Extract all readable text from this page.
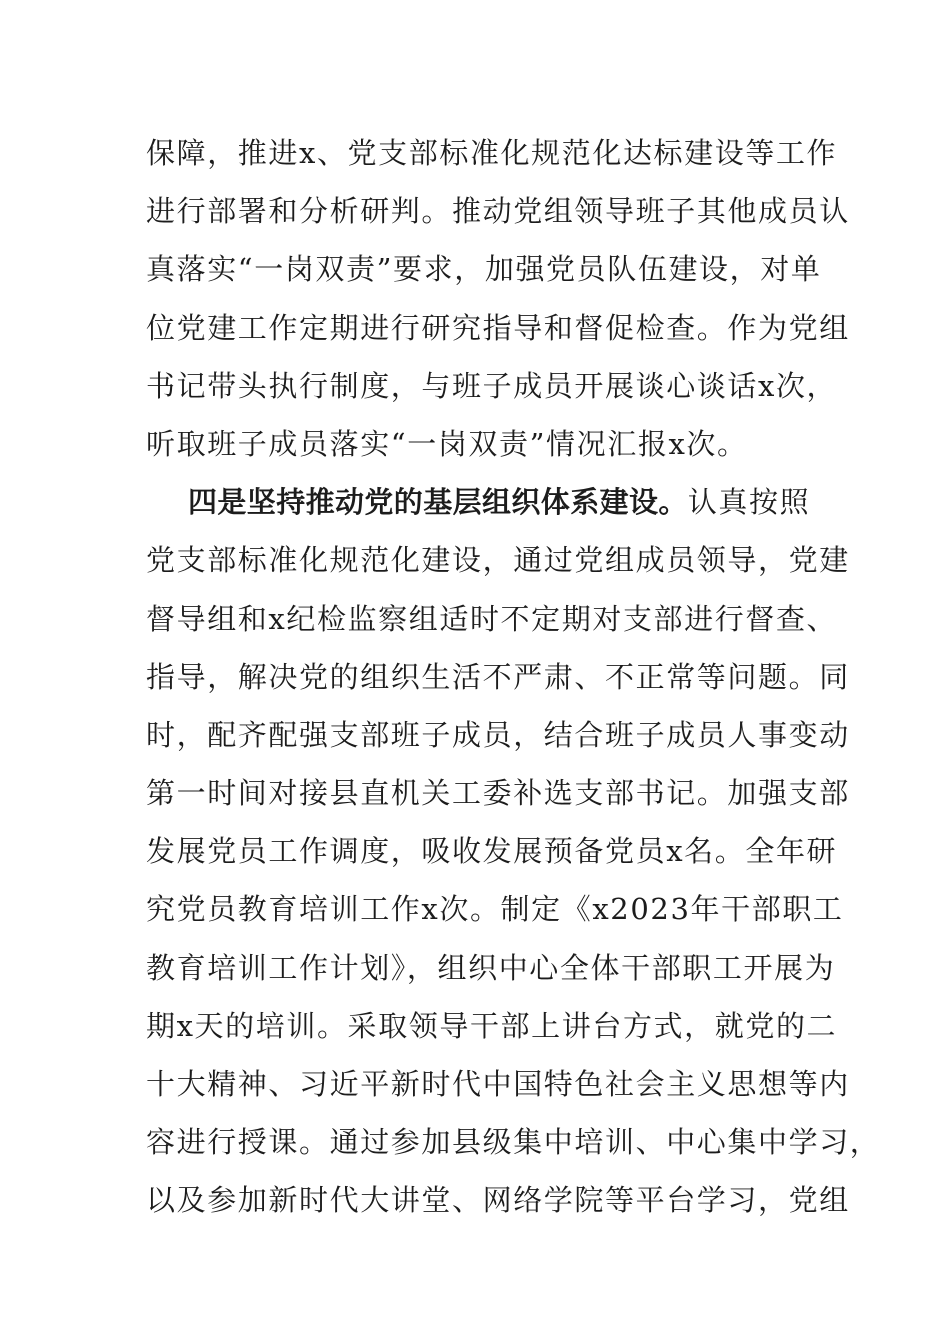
保障，推进x、党支部标准化规范化达标建设等工作
进行部署和分析研判。推动党组领导班子其他成员认
真落实“一岗双责”要求，加强党员队伍建设，对单
位党建工作定期进行研究指导和督促检查。作为党组
书记带头执行制度，与班子成员开展谈心谈话x次，
听取班子成员落实“一岗双责”情况汇报x次。
四是坚持推动党的基层组织体系建设。认真按照
党支部标准化规范化建设，通过党组成员领导，党建
督导组和x纪检监察组适时不定期对支部进行督查、
指导，解决党的组织生活不严肃、不正常等问题。同
时，配齐配强支部班子成员，结合班子成员人事变动
第一时间对接县直机关工委补选支部书记。加强支部
发展党员工作调度，吸收发展预备党员x名。全年研
究党员教育培训工作x次。制定《x2023年干部职工
教育培训工作计划》，组织中心全体干部职工开展为
期x天的培训。采取领导干部上讲台方式，就党的二
十大精神、习近平新时代中国特色社会主义思想等内
容进行授课。通过参加县级集中培训、中心集中学习，
以及参加新时代大讲堂、网络学院等平台学习，党组
